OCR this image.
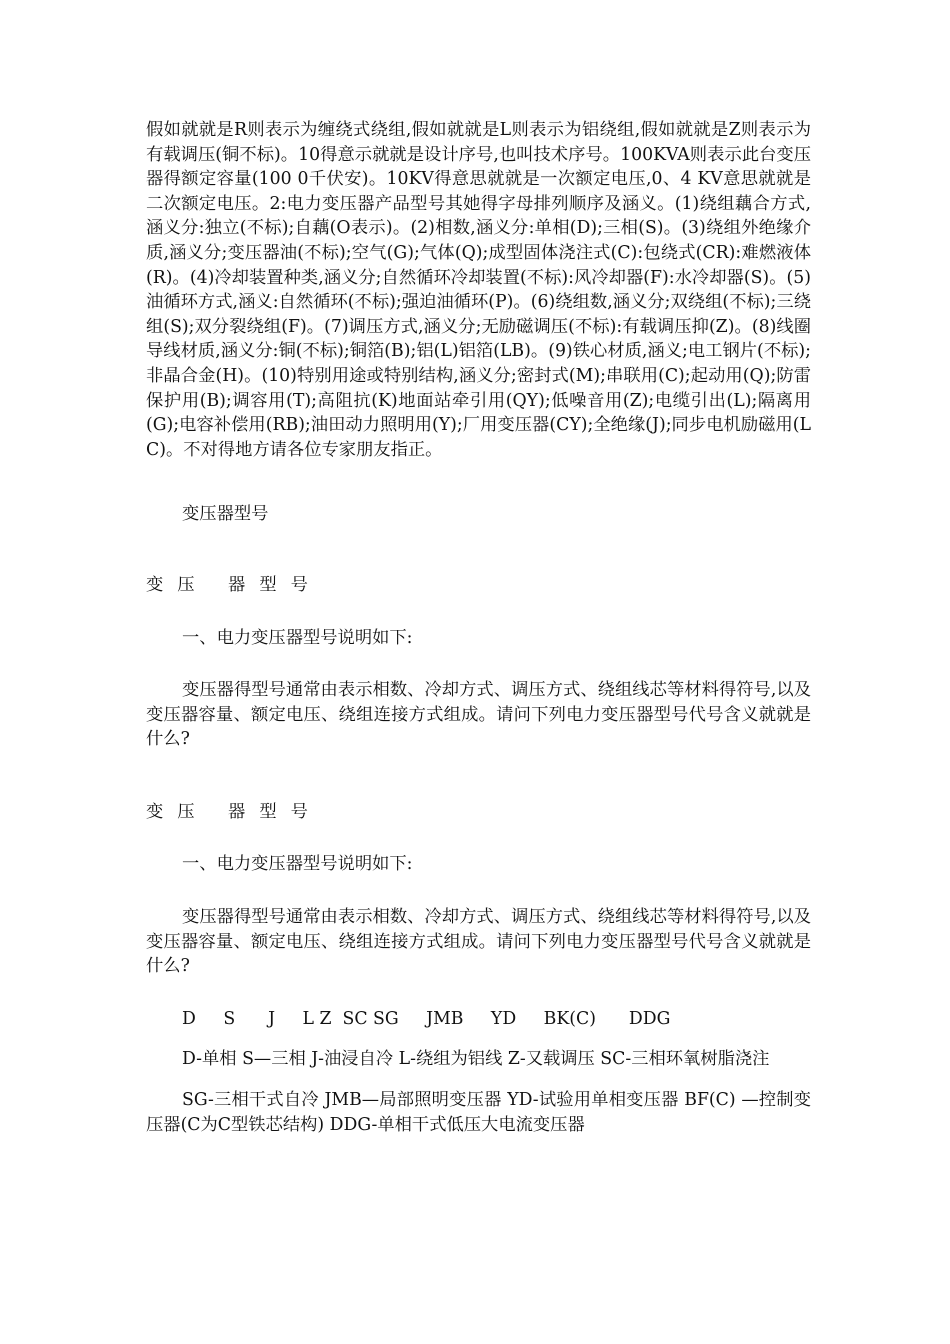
假如就就是R则表示为缠绕式绕组,假如就就是L则表示为铝绕组,假如就就是Z则表示为有载调压(铜不标)。10得意示就就是设计序号,也叫技术序号。100KVA则表示此台变压器得额定容量(100 0千伏安)。10KV得意思就就是一次额定电压,0、4 KV意思就就是二次额定电压。2:电力变压器产品型号其她得字母排列顺序及涵义。(1)绕组藕合方式,涵义分:独立(不标);自藕(O表示)。(2)相数,涵义分:单相(D);三相(S)。(3)绕组外绝缘介质,涵义分;变压器油(不标);空气(G);气体(Q);成型固体浇注式(C):包绕式(CR):难燃液体(R)。(4)冷却装置种类,涵义分;自然循环冷却装置(不标):风冷却器(F):水冷却器(S)。(5)油循环方式,涵义:自然循环(不标);强迫油循环(P)。(6)绕组数,涵义分;双绕组(不标);三绕组(S);双分裂绕组(F)。(7)调压方式,涵义分;无励磁调压(不标):有载调压抑(Z)。(8)线圈导线材质,涵义分:铜(不标);铜箔(B);铝(L)铝箔(LB)。(9)铁心材质,涵义;电工钢片(不标);非晶合金(H)。(10)特别用途或特别结构,涵义分;密封式(M);串联用(C);起动用(Q);防雷保护用(B);调容用(T);高阻抗(K)地面站牵引用(QY);低噪音用(Z);电缆引出(L);隔离用(G);电容补偿用(RB);油田动力照明用(Y);厂用变压器(CY);全绝缘(J);同步电机励磁用(LC)。不对得地方请各位专家朋友指正。

变压器型号

变压 器型号

一、电力变压器型号说明如下:

变压器得型号通常由表示相数、冷却方式、调压方式、绕组线芯等材料得符号,以及变压器容量、额定电压、绕组连接方式组成。请问下列电力变压器型号代号含义就就是什么?

变压 器型号

一、电力变压器型号说明如下:

变压器得型号通常由表示相数、冷却方式、调压方式、绕组线芯等材料得符号,以及变压器容量、额定电压、绕组连接方式组成。请问下列电力变压器型号代号含义就就是什么?

D     S      J     L Z  SC SG     JMB     YD     BK(C)      DDG

D-单相 S—三相 J-油浸自冷 L-绕组为铝线 Z-又载调压 SC-三相环氧树脂浇注

SG-三相干式自冷 JMB—局部照明变压器 YD-试验用单相变压器 BF(C) —控制变压器(C为C型铁芯结构) DDG-单相干式低压大电流变压器
